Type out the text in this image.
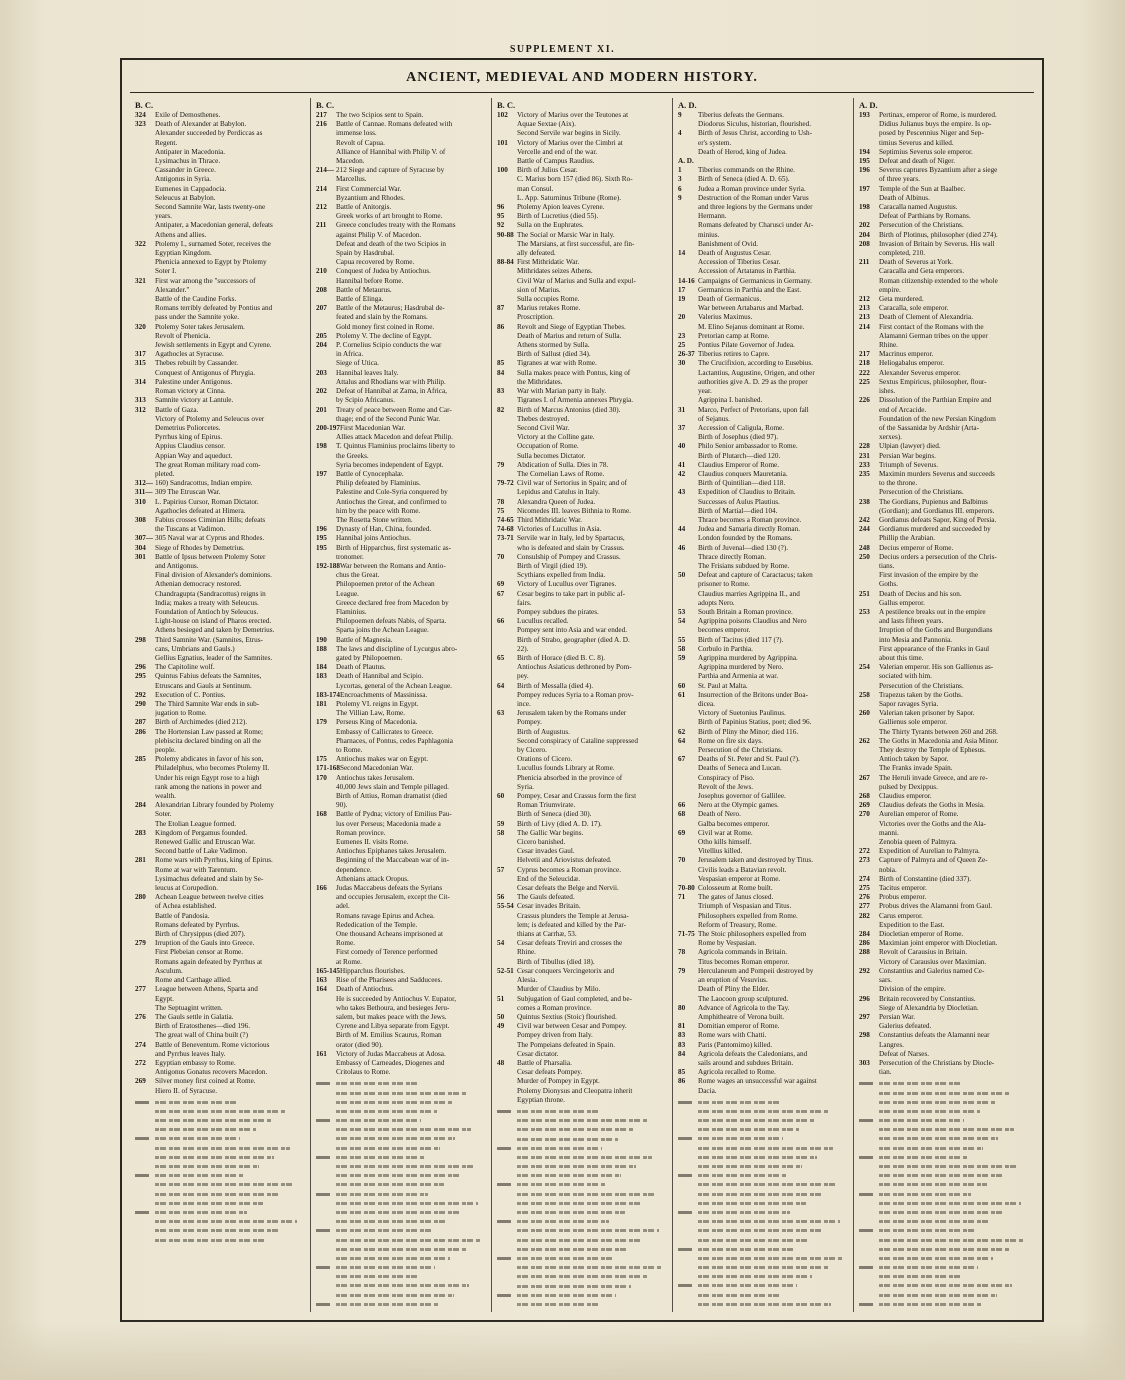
SUPPLEMENT XI.
ANCIENT, MEDIEVAL AND MODERN HISTORY.
B. C.
324	Exile of Demosthenes.
323	Death of Alexander at Babylon.
Alexander succeeded by Perdiccas as
Regent.
Antipater in Macedonia.
Lysimachus in Thrace.
Cassander in Greece.
Antigonus in Syria.
Eumenes in Cappadocia.
Seleucus at Babylon.
Second Samnite War, lasts twenty-one
years.
Antipater, a Macedonian general, defeats
Athens and allies.
322	Ptolemy I., surnamed Soter, receives the
Egyptian Kingdom.
Phenicia annexed to Egypt by Ptolemy
Soter I.
321	First war among the "successors of
Alexander."
Battle of the Caudine Forks.
Romans terribly defeated by Pontius and
pass under the Samnite yoke.
320	Ptolemy Soter takes Jerusalem.
Revolt of Phenicia.
Jewish settlements in Egypt and Cyrene.
317	Agathocles at Syracuse.
315	Thebes rebuilt by Cassander.
Conquest of Antigonus of Phrygia.
314	Palestine under Antigonus.
Roman victory at Cinna.
313	Samnite victory at Lantule.
312	Battle of Gaza.
Victory of Ptolemy and Seleucus over
Demetrius Poliorcetes.
Pyrrhus king of Epirus.
Appius Claudius censor.
Appian Way and aqueduct.
The great Roman military road com-
pleted.
312— 160) Sandracottus, Indian empire.
311— 309 The Etruscan War.
310	L. Papirius Cursor, Roman Dictator.
Agathocles defeated at Himera.
308	Fabius crosses Ciminian Hills; defeats
the Tuscans at Vadimon.
307— 305 Naval war at Cyprus and Rhodes.
304	Siege of Rhodes by Demetrius.
301	Battle of Ipsus between Ptolemy Soter
and Antigonus.
Final division of Alexander's dominions.
Athenian democracy restored.
Chandragupta (Sandracottus) reigns in
India; makes a treaty with Seleucus.
Foundation of Antioch by Seleucus.
Light-house on island of Pharos erected.
Athens besieged and taken by Demetrius.
298	Third Samnite War. (Samnites, Etrus-
cans, Umbrians and Gauls.)
Gellius Egnatius, leader of the Samnites.
296	The Capitoline wolf.
295	Quintus Fabius defeats the Samnites,
Etruscans and Gauls at Sentinum.
292	Execution of C. Pontius.
290	The Third Samnite War ends in sub-
jugation to Rome.
287	Birth of Archimedes (died 212).
286	The Hortensian Law passed at Rome;
plebiscita declared binding on all the
people.
285	Ptolemy abdicates in favor of his son,
Philadelphus, who becomes Ptolemy II.
Under his reign Egypt rose to a high
rank among the nations in power and
wealth.
284	Alexandrian Library founded by Ptolemy
Soter.
The Etolian League formed.
283	Kingdom of Pergamus founded.
Renewed Gallic and Etruscan War.
Second battle of Lake Vadimon.
281	Rome wars with Pyrrhus, king of Epirus.
Rome at war with Tarentum.
Lysimachus defeated and slain by Se-
leucus at Corupedion.
280	Achean League between twelve cities
of Achea established.
Battle of Pandosia.
Romans defeated by Pyrrhus.
Birth of Chrysippus (died 207).
279	Irruption of the Gauls into Greece.
First Plebeian censor at Rome.
Romans again defeated by Pyrrhus at
Asculum.
Rome and Carthage allied.
277	League between Athens, Sparta and
Egypt.
The Septuagint written.
276	The Gauls settle in Galatia.
Birth of Eratosthenes—died 196.
The great wall of China built (?)
274	Battle of Beneventum. Rome victorious
and Pyrrhus leaves Italy.
272	Egyptian embassy to Rome.
Antigonus Gonatus recovers Macedon.
269	Silver money first coined at Rome.
Hiero II. of Syracuse.
B. C.
217	The two Scipios sent to Spain.
216	Battle of Cannae. Romans defeated with
immense loss.
Revolt of Capua.
Alliance of Hannibal with Philip V. of
Macedon.
214— 212 Siege and capture of Syracuse by
Marcellus.
214	First Commercial War.
Byzantium and Rhodes.
212	Battle of Anitorgis.
Greek works of art brought to Rome.
211	Greece concludes treaty with the Romans
against Philip V. of Macedon.
Defeat and death of the two Scipios in
Spain by Hasdrubal.
Capua recovered by Rome.
210	Conquest of Judea by Antiochus.
Hannibal before Rome.
208	Battle of Metaurus.
Battle of Elinga.
207	Battle of the Metaurus; Hasdrubal de-
feated and slain by the Romans.
Gold money first coined in Rome.
205	Ptolemy V. The decline of Egypt.
204	P. Cornelius Scipio conducts the war
in Africa.
Siege of Utica.
203	Hannibal leaves Italy.
Attalus and Rhodians war with Philip.
202	Defeat of Hannibal at Zama, in Africa,
by Scipio Africanus.
201	Treaty of peace between Rome and Car-
thage; end of the Second Punic War.
200-197 First Macedonian War.
Allies attack Macedon and defeat Philip.
198	T. Quintus Flaminius proclaims liberty to
the Greeks.
Syria becomes independent of Egypt.
197	Battle of Cynocephalæ.
Philip defeated by Flaminius.
Palestine and Cole-Syria conquered by
Antiochus the Great, and confirmed to
him by the peace with Rome.
The Rosetta Stone written.
196	Dynasty of Han, China, founded.
195	Hannibal joins Antiochus.
195	Birth of Hipparchus, first systematic as-
tronomer.
192-188 War between the Romans and Antio-
chus the Great.
Philopoemen pretor of the Achean
League.
Greece declared free from Macedon by
Flaminius.
Philopoemen defeats Nabis, of Sparta.
Sparta joins the Achean League.
190	Battle of Magnesia.
188	The laws and discipline of Lycurgus abro-
gated by Philopoemen.
184	Death of Plautus.
183	Death of Hannibal and Scipio.
Lycortas, general of the Achean League.
183-174 Encroachments of Massinissa.
181	Ptolemy VI. reigns in Egypt.
The Villian Law, Rome.
179	Perseus King of Macedonia.
Embassy of Callicrates to Greece.
Pharnaces, of Pontus, cedes Paphlagonia
to Rome.
175	Antiochus makes war on Egypt.
171-168 Second Macedonian War.
170	Antiochus takes Jerusalem.
40,000 Jews slain and Temple pillaged.
Birth of Attius, Roman dramatist (died
90).
168	Battle of Pydna; victory of Emilius Pau-
lus over Perseus; Macedonia made a
Roman province.
Eumenes II. visits Rome.
Antiochus Epiphanes takes Jerusalem.
Beginning of the Maccabean war of in-
dependence.
Athenians attack Oropus.
166	Judas Maccabeus defeats the Syrians
and occupies Jerusalem, except the Cit-
adel.
Romans ravage Epirus and Achea.
Rededication of the Temple.
One thousand Acheans imprisoned at
Rome.
First comedy of Terence performed
at Rome.
165-145 Hipparchus flourishes.
163	Rise of the Pharisees and Sadducees.
164	Death of Antiochus.
He is succeeded by Antiochus V. Eupator,
who takes Bethoura, and besieges Jeru-
salem, but makes peace with the Jews.
Cyrene and Libya separate from Egypt.
Birth of M. Emilius Scaurus, Roman
orator (died 90).
161	Victory of Judas Maccabeus at Adosa.
Embassy of Carneades, Diogenes and
Critolaus to Rome.
B. C.
102	Victory of Marius over the Teutones at
Aquae Sextae (Aix).
Second Servile war begins in Sicily.
101	Victory of Marius over the Cimbri at
Vercelle and end of the war.
Battle of Campus Raudius.
100	Birth of Julius Cesar.
C. Marius born 157 (died 86). Sixth Ro-
man Consul.
L. App. Saturninus Tribune (Rome).
96	Ptolemy Apion leaves Cyrene.
95	Birth of Lucretius (died 55).
92	Sulla on the Euphrates.
90-88 The Social or Marsic War in Italy.
The Marsians, at first successful, are fin-
ally defeated.
88-84 First Mithridatic War.
Mithridates seizes Athens.
Civil War of Marius and Sulla and expul-
sion of Marius.
Sulla occupies Rome.
87	Marius retakes Rome.
Proscription.
86	Revolt and Siege of Egyptian Thebes.
Death of Marius and return of Sulla.
Athens stormed by Sulla.
Birth of Sallust (died 34).
85	Tigranes at war with Rome.
84	Sulla makes peace with Pontus, king of
the Mithridates.
83	War with Marian party in Italy.
Tigranes I. of Armenia annexes Phrygia.
82	Birth of Marcus Antonius (died 30).
Thebes destroyed.
Second Civil War.
Victory at the Colline gate.
Occupation of Rome.
Sulla becomes Dictator.
79	Abdication of Sulla. Dies in 78.
The Cornelian Laws of Rome.
79-72 Civil war of Sertorius in Spain; and of
Lepidus and Catulus in Italy.
78	Alexandra Queen of Judea.
75	Nicomedes III. leaves Bithnia to Rome.
74-65 Third Mithridatic War.
74-68 Victories of Lucullus in Asia.
73-71 Servile war in Italy, led by Spartacus,
who is defeated and slain by Crassus.
70	Consulship of Pompey and Crassus.
Birth of Virgil (died 19).
Scythians expelled from India.
69	Victory of Lucullus over Tigranes.
67	Cesar begins to take part in public af-
fairs.
Pompey subdues the pirates.
66	Lucullus recalled.
Pompey sent into Asia and war ended.
Birth of Strabo, geographer (died A. D.
22).
65	Birth of Horace (died B. C. 8).
Antiochus Asiaticus dethroned by Pom-
pey.
64	Birth of Messalla (died 4).
Pompey reduces Syria to a Roman prov-
ince.
63	Jerusalem taken by the Romans under
Pompey.
Birth of Augustus.
Second conspiracy of Cataline suppressed
by Cicero.
Orations of Cicero.
Lucullus founds Library at Rome.
Phenicia absorbed in the province of
Syria.
60	Pompey, Cesar and Crassus form the first
Roman Triumvirate.
Birth of Seneca (died 30).
59	Birth of Livy (died A. D. 17).
58	The Gallic War begins.
Cicero banished.
Cesar invades Gaul.
Helvetii and Ariovistus defeated.
57	Cyprus becomes a Roman province.
End of the Seleucidæ.
Cesar defeats the Belge and Nervii.
56	The Gauls defeated.
55-54 Cesar invades Britain.
Crassus plunders the Temple at Jerusa-
lem; is defeated and killed by the Par-
thians at Carrhæ, 53.
54	Cesar defeats Treviri and crosses the
Rhine.
Birth of Tibullus (died 18).
52-51 Cesar conquers Vercingetorix and
Alesia.
Murder of Claudius by Milo.
51	Subjugation of Gaul completed, and be-
comes a Roman province.
50	Quintus Sextius (Stoic) flourished.
49	Civil war between Cesar and Pompey.
Pompey driven from Italy.
The Pompeians defeated in Spain.
Cesar dictator.
48	Battle of Pharsalia.
Cesar defeats Pompey.
Murder of Pompey in Egypt.
Ptolemy Dionysus and Cleopatra inherit
Egyptian throne.
A. D.
9	Tiberius defeats the Germans.
Diodorus Siculus, historian, flourished.
4	Birth of Jesus Christ, according to Ush-
er's system.
Death of Herod, king of Judea.
A. D.
1	Tiberius commands on the Rhine.
3	Birth of Seneca (died A. D. 65).
6	Judea a Roman province under Syria.
9	Destruction of the Roman under Varus
and three legions by the Germans under
Hermann.
Romans defeated by Charusci under Ar-
minius.
Banishment of Ovid.
14	Death of Augustus Cesar.
Accession of Tiberius Cesar.
Accession of Artatanus in Parthia.
14-16 Campaigns of Germanicus in Germany.
17	Germanicus in Parthia and the East.
19	Death of Germanicus.
War between Artabarus and Marbad.
20	Valerius Maximus.
M. Elino Sejanus dominant at Rome.
23	Pretorian camp at Rome.
25	Pontius Pilate Governor of Judea.
26-37 Tiberius retires to Capre.
30	The Crucifixion, according to Eusebius.
Lactantius, Augustine, Origen, and other
authorities give A. D. 29 as the proper
year.
Agrippina I. banished.
31	Marco, Perfect of Pretorians, upon fall
of Sejanus.
37	Accession of Caligula, Rome.
Birth of Josephus (died 97).
40	Philo Senior ambassador to Rome.
Birth of Plutarch—died 120.
41	Claudius Emperor of Rome.
42	Claudius conquers Mauretania.
Birth of Quintilian—died 118.
43	Expedition of Claudius to Britain.
Successes of Aulus Plautius.
Birth of Martial—died 104.
Thrace becomes a Roman province.
44	Judea and Samaria directly Roman.
London founded by the Romans.
46	Birth of Juvenal—died 130 (?).
Thrace directly Roman.
The Frisians subdued by Rome.
50	Defeat and capture of Caractacus; taken
prisoner to Rome.
Claudius marries Agrippina II., and
adopts Nero.
53	South Britain a Roman province.
54	Agrippina poisons Claudius and Nero
becomes emperor.
55	Birth of Tacitus (died 117 (?).
58	Corbulo in Parthia.
59	Agrippina murdered by Agrippina.
Agrippina murdered by Nero.
Parthia and Armenia at war.
60	St. Paul at Malta.
61	Insurrection of the Britons under Boa-
dicea.
Victory of Suetonius Paulinus.
Birth of Papinius Statius, poet; died 96.
62	Birth of Pliny the Minor; died 116.
64	Rome on fire six days.
Persecution of the Christians.
67	Deaths of St. Peter and St. Paul (?).
Deaths of Seneca and Lucan.
Conspiracy of Piso.
Revolt of the Jews.
Josephus governor of Gallilee.
66	Nero at the Olympic games.
68	Death of Nero.
Galba becomes emperor.
69	Civil war at Rome.
Otho kills himself.
Vitellius killed.
70	Jerusalem taken and destroyed by Titus.
Civilis leads a Batavian revolt.
Vespasian emperor at Rome.
70-80 Colosseum at Rome built.
71	The gates of Janus closed.
Triumph of Vespasian and Titus.
Philosophers expelled from Rome.
Reform of Treasury, Rome.
71-75 The Stoic philosophers expelled from
Rome by Vespasian.
78	Agricola commands in Britain.
Titus becomes Roman emperor.
79	Herculaneum and Pompeii destroyed by
an eruption of Vesuvius.
Death of Pliny the Elder.
The Laocoon group sculptured.
80	Advance of Agricola to the Tay.
Amphitheatre of Verona built.
81	Domitian emperor of Rome.
83	Rome wars with Chatti.
83	Paris (Pantomimo) killed.
84	Agricola defeats the Caledonians, and
sails around and subdues Britain.
85	Agricola recalled to Rome.
86	Rome wages an unsuccessful war against
Dacia.
A. D.
193	Pertinax, emperor of Rome, is murdered.
Didius Julianus buys the empire. Is op-
posed by Pescennius Niger and Sep-
timius Severus and killed.
194	Septimius Severus sole emperor.
195	Defeat and death of Niger.
196	Severus captures Byzantium after a siege
of three years.
197	Temple of the Sun at Baalbec.
Death of Albinus.
198	Caracalla named Augustus.
Defeat of Parthians by Romans.
202	Persecution of the Christians.
204	Birth of Plotinus, philosopher (died 274).
208	Invasion of Britain by Severus. His wall
completed, 210.
211	Death of Severus at York.
Caracalla and Geta emperors.
Roman citizenship extended to the whole
empire.
212	Geta murdered.
213	Caracalla, sole emperor.
213	Death of Clement of Alexandria.
214	First contact of the Romans with the
Alamanni German tribes on the upper
Rhine.
217	Macrinus emperor.
218	Heliogabalus emperor.
222	Alexander Severus emperor.
225	Sextus Empiricus, philosopher, flour-
ishes.
226	Dissolution of the Parthian Empire and
end of Arcacide.
Foundation of the new Persian Kingdom
of the Sassanidæ by Ardshir (Arta-
xerxes).
228	Ulpian (lawyer) died.
231	Persian War begins.
233	Triumph of Severus.
235	Maximin murders Severus and succeeds
to the throne.
Persecution of the Christians.
238	The Gordians, Pupienus and Balbinus
(Gordian); and Gordianus III. emperors.
242	Gordianus defeats Sapor, King of Persia.
244	Gordianus murdered and succeeded by
Phillip the Arabian.
248	Decius emperor of Rome.
250	Decius orders a persecution of the Chris-
tians.
First invasion of the empire by the
Goths.
251	Death of Decius and his son.
Gallus emperor.
253	A pestilence breaks out in the empire
and lasts fifteen years.
Irruption of the Goths and Burgundians
into Mesia and Pannonia.
First appearance of the Franks in Gaul
about this time.
254	Valerian emperor. His son Gallienus as-
sociated with him.
Persecution of the Christians.
258	Trapezus taken by the Goths.
Sapor ravages Syria.
260	Valerian taken prisoner by Sapor.
Gallienus sole emperor.
The Thirty Tyrants between 260 and 268.
262	The Goths in Macedonia and Asia Minor.
They destroy the Temple of Ephesus.
Antioch taken by Sapor.
The Franks invade Spain.
267	The Heruli invade Greece, and are re-
pulsed by Dexippus.
268	Claudius emperor.
269	Claudius defeats the Goths in Mesia.
270	Aurelian emperor of Rome.
Victories over the Goths and the Ala-
manni.
Zenobia queen of Palmyra.
272	Expedition of Aurelian to Palmyra.
273	Capture of Palmyra and of Queen Ze-
nobia.
274	Birth of Constantine (died 337).
275	Tacitus emperor.
276	Probus emperor.
277	Probus drives the Alamanni from Gaul.
282	Carus emperor.
Expedition to the East.
284	Diocletian emperor of Rome.
286	Maximian joint emperor with Diocletian.
288	Revolt of Carausius in Britain.
Victory of Carausius over Maximian.
292	Constantius and Galerius named Ce-
sars.
Division of the empire.
296	Britain recovered by Constantius.
Siege of Alexandria by Diocletian.
297	Persian War.
Galerius defeated.
298	Constantius defeats the Alamanni near
Langres.
Defeat of Narses.
303	Persecution of the Christians by Diocle-
tian.
